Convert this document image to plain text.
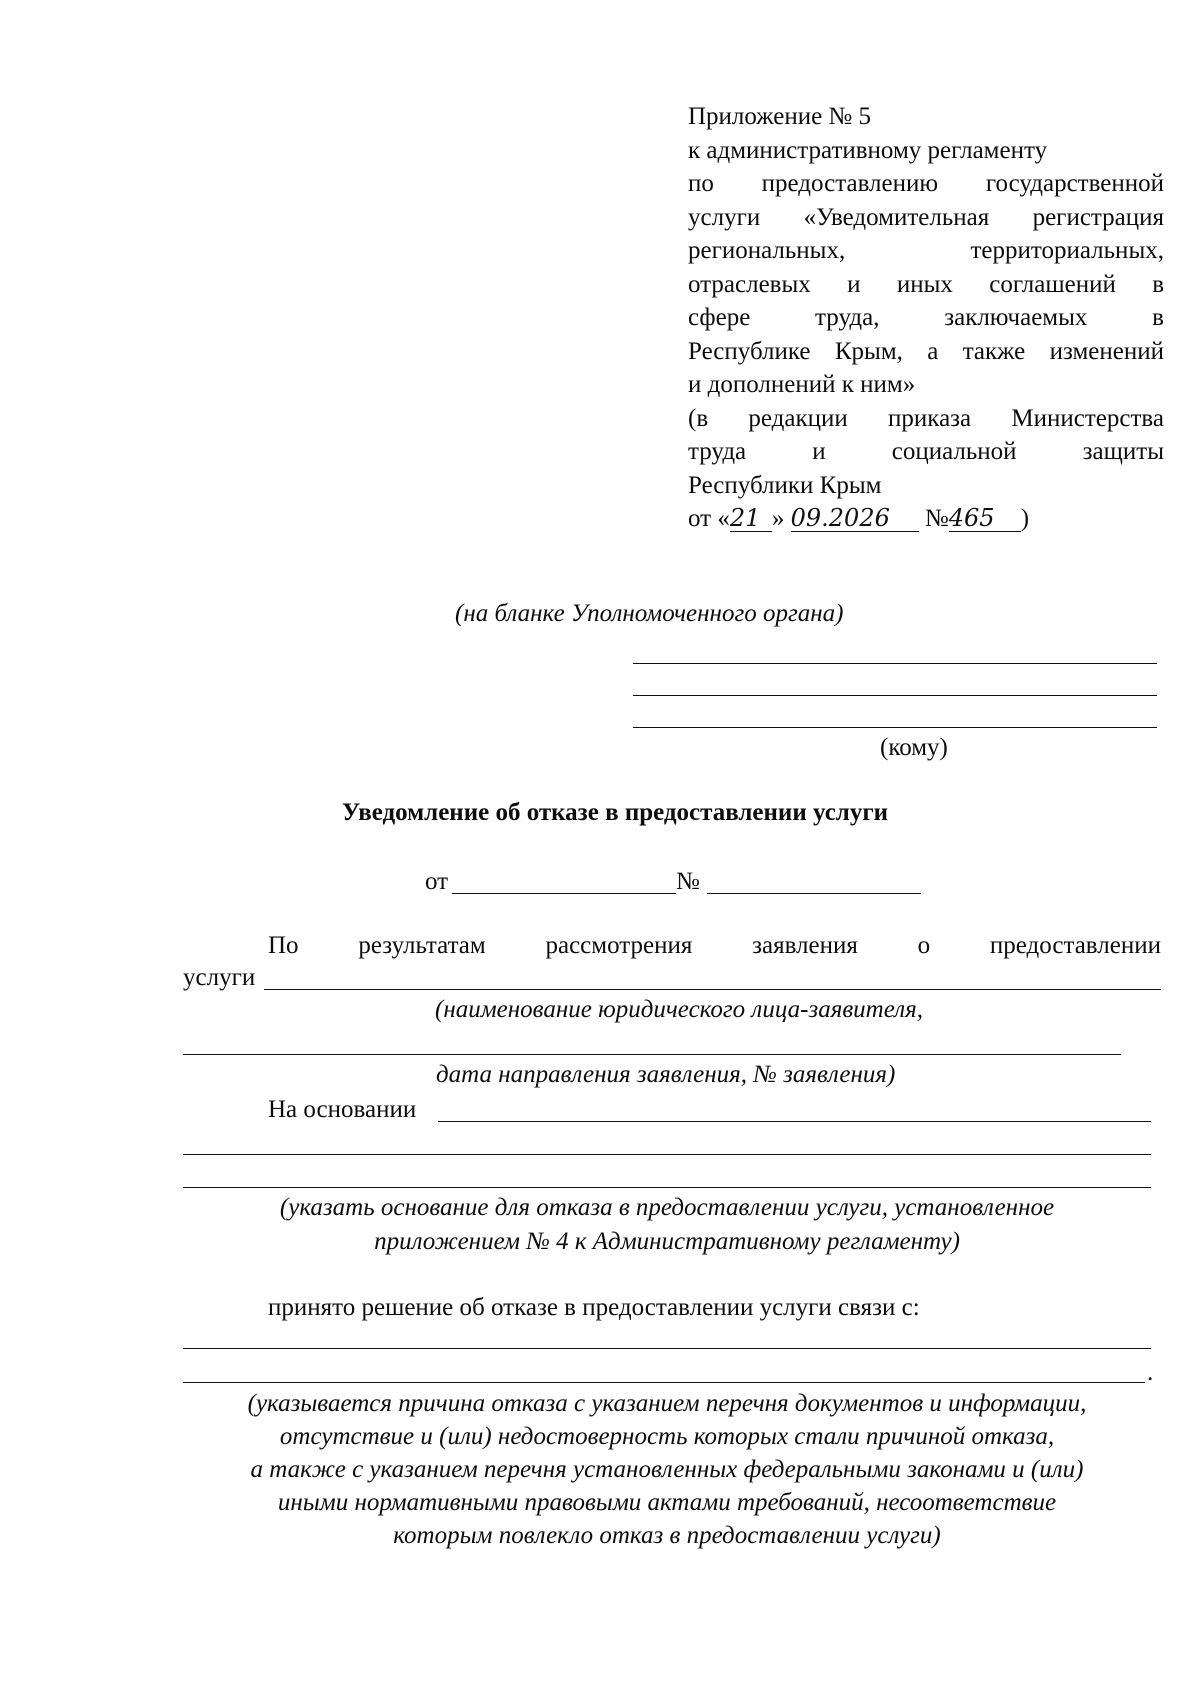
Приложение № 5
к административному регламенту
по предоставлению государственной
услуги «Уведомительная регистрация
региональных, территориальных,
отраслевых и иных соглашений в
сфере труда, заключаемых в
Республике Крым, а также изменений
и дополнений к ним»
(в редакции приказа Министерства
труда и социальной защиты
Республики Крым
от «21 » 09.2026 №465 )
(на бланке Уполномоченного органа)
(кому)
Уведомление об отказе в предоставлении услуги
от	№
По результатам рассмотрения заявления о предоставлении
услуги
(наименование юридического лица-заявителя,
дата направления заявления, № заявления)
На основании
(указать основание для отказа в предоставлении услуги, установленное
приложением № 4 к Административному регламенту)
принято решение об отказе в предоставлении услуги связи с:
.
(указывается причина отказа с указанием перечня документов и информации,
отсутствие и (или) недостоверность которых стали причиной отказа,
а также с указанием перечня установленных федеральными законами и (или)
иными нормативными правовыми актами требований, несоответствие
которым повлекло отказ в предоставлении услуги)
